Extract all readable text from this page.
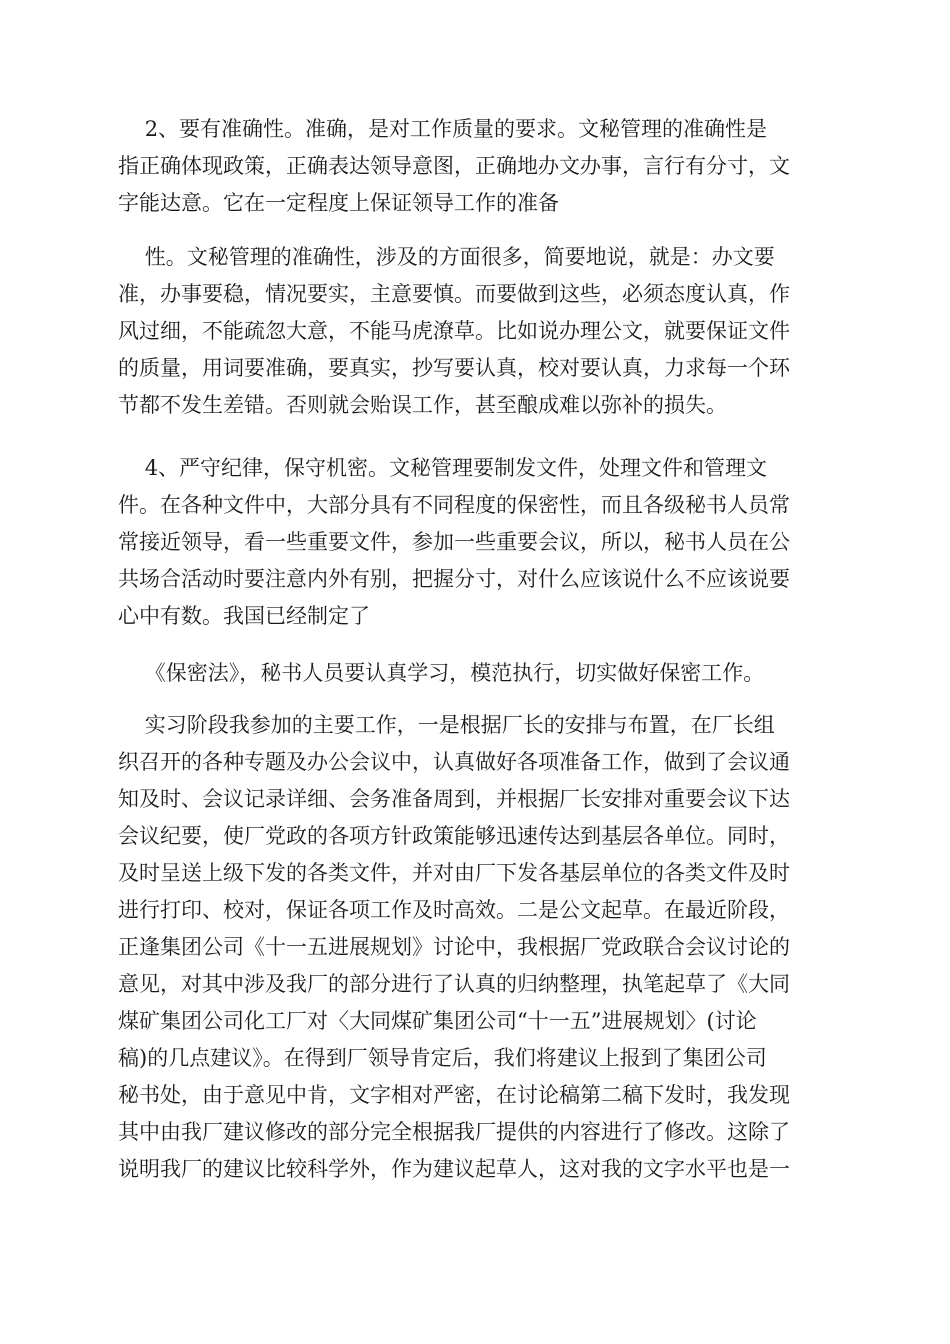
2、要有准确性。准确，是对工作质量的要求。文秘管理的准确性是
指正确体现政策，正确表达领导意图，正确地办文办事，言行有分寸，文
字能达意。它在一定程度上保证领导工作的准备
性。文秘管理的准确性，涉及的方面很多，简要地说，就是：办文要
准，办事要稳，情况要实，主意要慎。而要做到这些，必须态度认真，作
风过细，不能疏忽大意，不能马虎潦草。比如说办理公文，就要保证文件
的质量，用词要准确，要真实，抄写要认真，校对要认真，力求每一个环
节都不发生差错。否则就会贻误工作，甚至酿成难以弥补的损失。
4、严守纪律，保守机密。文秘管理要制发文件，处理文件和管理文
件。在各种文件中，大部分具有不同程度的保密性，而且各级秘书人员常
常接近领导，看一些重要文件，参加一些重要会议，所以，秘书人员在公
共场合活动时要注意内外有别，把握分寸，对什么应该说什么不应该说要
心中有数。我国已经制定了
《保密法》，秘书人员要认真学习，模范执行，切实做好保密工作。
实习阶段我参加的主要工作，一是根据厂长的安排与布置，在厂长组
织召开的各种专题及办公会议中，认真做好各项准备工作，做到了会议通
知及时、会议记录详细、会务准备周到，并根据厂长安排对重要会议下达
会议纪要，使厂党政的各项方针政策能够迅速传达到基层各单位。同时，
及时呈送上级下发的各类文件，并对由厂下发各基层单位的各类文件及时
进行打印、校对，保证各项工作及时高效。二是公文起草。在最近阶段，
正逢集团公司《十一五进展规划》讨论中，我根据厂党政联合会议讨论的
意见，对其中涉及我厂的部分进行了认真的归纳整理，执笔起草了《大同
煤矿集团公司化工厂对〈大同煤矿集团公司“十一五”进展规划〉(讨论
稿)的几点建议》。在得到厂领导肯定后，我们将建议上报到了集团公司
秘书处，由于意见中肯，文字相对严密，在讨论稿第二稿下发时，我发现
其中由我厂建议修改的部分完全根据我厂提供的内容进行了修改。这除了
说明我厂的建议比较科学外，作为建议起草人，这对我的文字水平也是一
